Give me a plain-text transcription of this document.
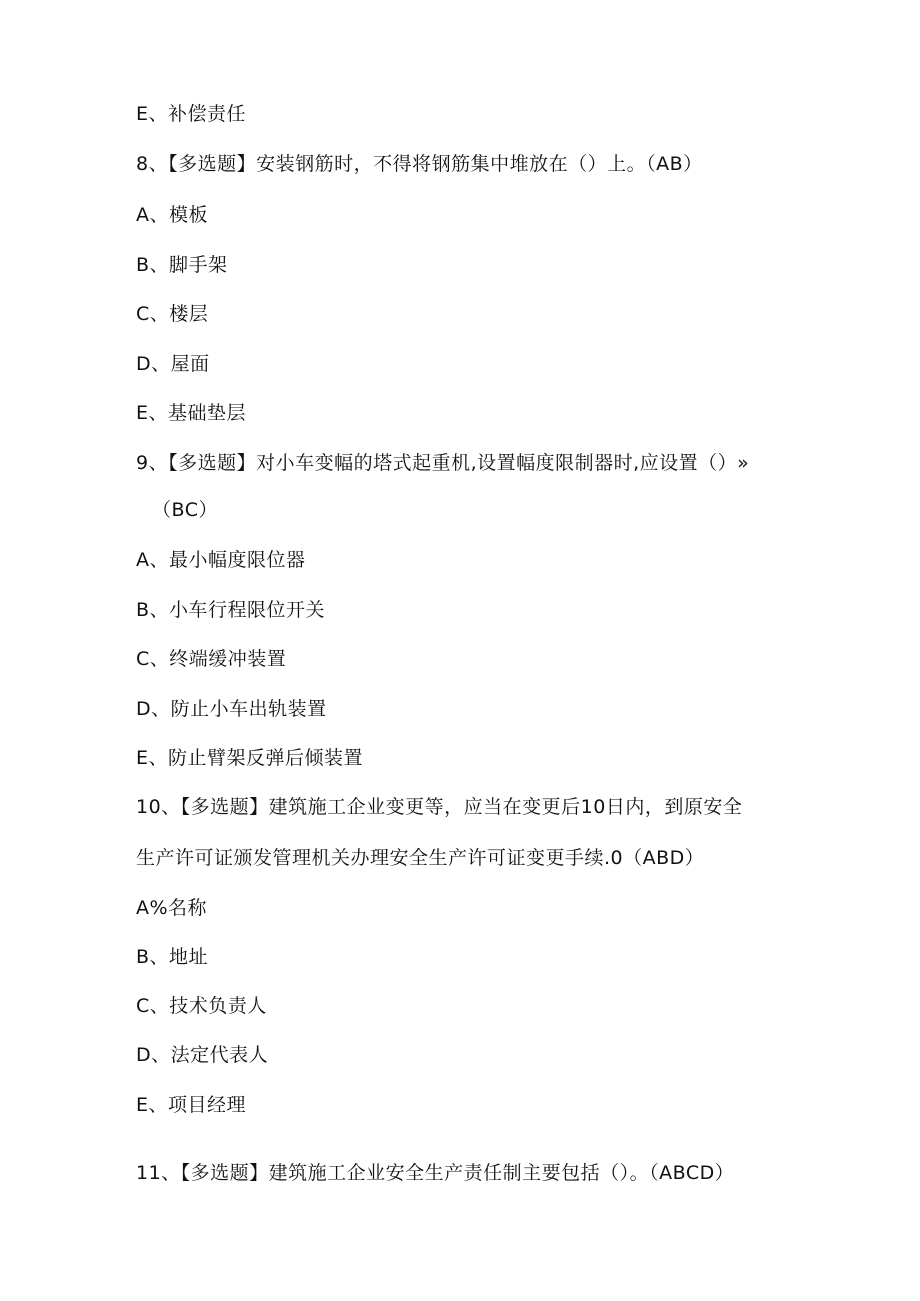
E、补偿责任
8、【多选题】安装钢筋时，不得将钢筋集中堆放在（）上。（AB）
A、模板
B、脚手架
C、楼层
D、屋面
E、基础垫层
9、【多选题】对小车变幅的塔式起重机,设置幅度限制器时,应设置（）»
（BC）
A、最小幅度限位器
B、小车行程限位开关
C、终端缓冲装置
D、防止小车出轨装置
E、防止臂架反弹后倾装置
10、【多选题】建筑施工企业变更等，应当在变更后10日内，到原安全
生产许可证颁发管理机关办理安全生产许可证变更手续.0（ABD）
A%名称
B、地址
C、技术负责人
D、法定代表人
E、项目经理
11、【多选题】建筑施工企业安全生产责任制主要包括（）。（ABCD）
